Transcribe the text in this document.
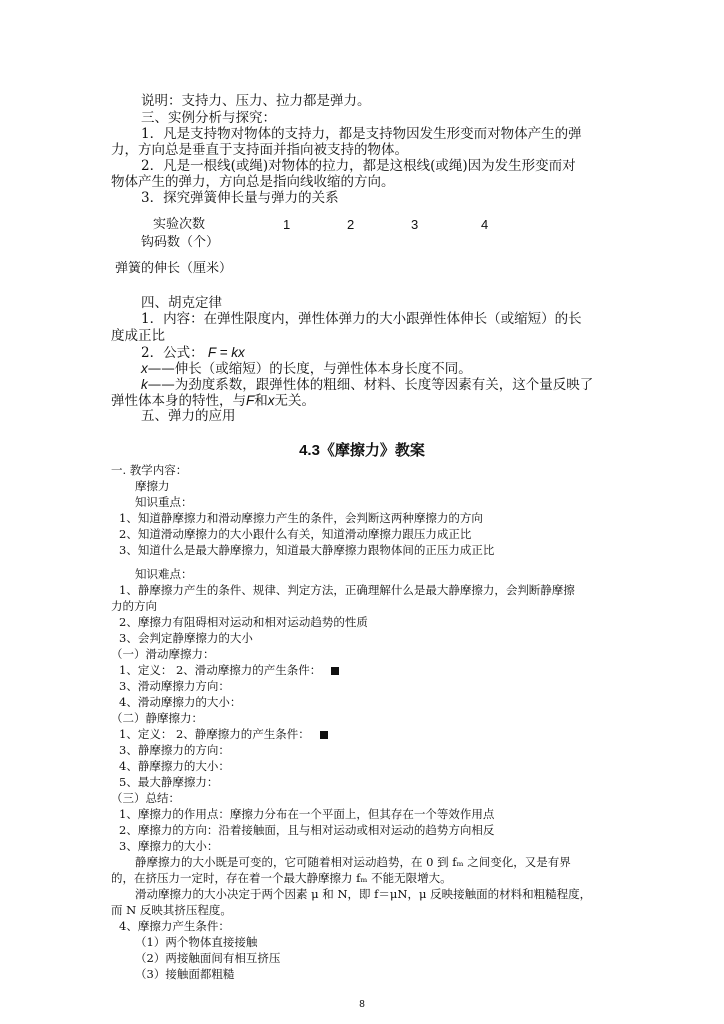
说明：支持力、压力、拉力都是弹力。

三、实例分析与探究：

1．凡是支持物对物体的支持力，都是支持物因发生形变而对物体产生的弹

力，方向总是垂直于支持面并指向被支持的物体。

2．凡是一根线(或绳)对物体的拉力，都是这根线(或绳)因为发生形变而对

物体产生的弹力，方向总是指向线收缩的方向。

3．探究弹簧伸长量与弹力的关系

实验次数	1	2	3	4
钩码数（个）
弹簧的伸长（厘米）

四、胡克定律

1．内容：在弹性限度内，弹性体弹力的大小跟弹性体伸长（或缩短）的长

度成正比

2．公式： F = kx

x——伸长（或缩短）的长度，与弹性体本身长度不同。

k——为劲度系数，跟弹性体的粗细、材料、长度等因素有关，这个量反映了

弹性体本身的特性，与F和x无关。

五、弹力的应用

4.3《摩擦力》教案

一. 教学内容：

摩擦力

知识重点：

1、知道静摩擦力和滑动摩擦力产生的条件，会判断这两种摩擦力的方向

2、知道滑动摩擦力的大小跟什么有关，知道滑动摩擦力跟压力成正比

3、知道什么是最大静摩擦力，知道最大静摩擦力跟物体间的正压力成正比

知识难点：

1、静摩擦力产生的条件、规律、判定方法，正确理解什么是最大静摩擦力，会判断静摩擦

力的方向

2、摩擦力有阻碍相对运动和相对运动趋势的性质

3、会判定静摩擦力的大小

（一）滑动摩擦力：

1、定义： 2、滑动摩擦力的产生条件：

3、滑动摩擦力方向：

4、滑动摩擦力的大小：

（二）静摩擦力：

1、定义： 2、静摩擦力的产生条件：

3、静摩擦力的方向：

4、静摩擦力的大小：

5、最大静摩擦力：

（三）总结：

1、摩擦力的作用点：摩擦力分布在一个平面上，但其存在一个等效作用点

2、摩擦力的方向：沿着接触面，且与相对运动或相对运动的趋势方向相反

3、摩擦力的大小：

静摩擦力的大小既是可变的，它可随着相对运动趋势，在 0 到 fₘ 之间变化，又是有界

的，在挤压力一定时，存在着一个最大静摩擦力 fₘ 不能无限增大。

滑动摩擦力的大小决定于两个因素 μ 和 N，即 f＝μN，μ 反映接触面的材料和粗糙程度，

而 N 反映其挤压程度。

4、摩擦力产生条件：

（1）两个物体直接接触

（2）两接触面间有相互挤压

（3）接触面都粗糙

8
